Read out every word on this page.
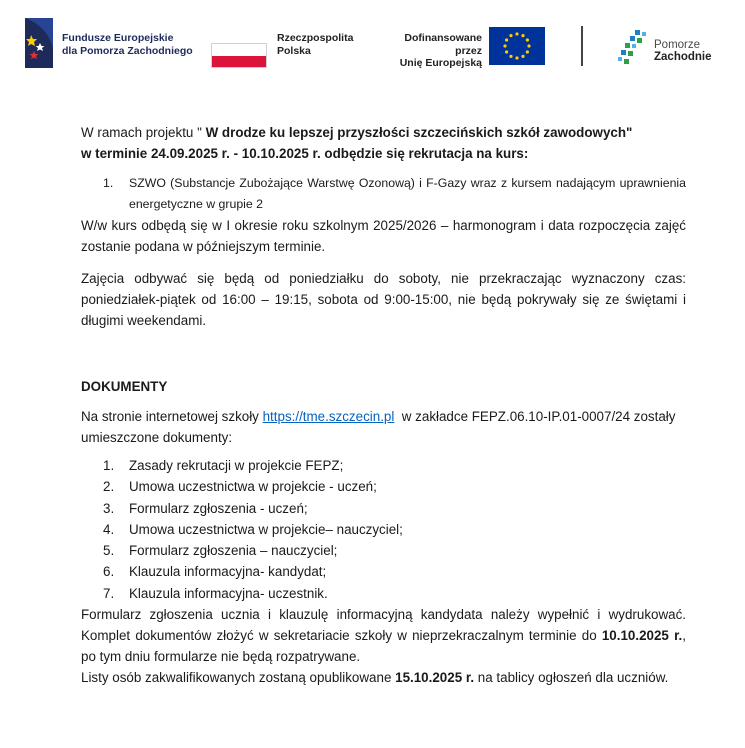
Fundusze Europejskie
dla Pomorza Zachodniego
Rzeczpospolita
Polska
Dofinansowane przez
Unię Europejską
Pomorze
Zachodnie

W ramach projektu " W drodze ku lepszej przyszłości szczecińskich szkół zawodowych"
w terminie 24.09.2025 r. - 10.10.2025 r. odbędzie się rekrutacja na kurs:

1. SZWO (Substancje Zubożające Warstwę Ozonową) i F-Gazy wraz z kursem nadającym uprawnienia energetyczne w grupie 2

W/w kurs odbędą się w I okresie roku szkolnym 2025/2026 – harmonogram i data rozpoczęcia zajęć zostanie podana w późniejszym terminie.

Zajęcia odbywać się będą od poniedziałku do soboty, nie przekraczając wyznaczony czas: poniedziałek-piątek od 16:00 – 19:15, sobota od 9:00-15:00, nie będą pokrywały się ze świętami i długimi weekendami.

DOKUMENTY

Na stronie internetowej szkoły https://tme.szczecin.pl  w zakładce FEPZ.06.10-IP.01-0007/24 zostały umieszczone dokumenty:

1. Zasady rekrutacji w projekcie FEPZ;
2. Umowa uczestnictwa w projekcie - uczeń;
3. Formularz zgłoszenia - uczeń;
4. Umowa uczestnictwa w projekcie– nauczyciel;
5. Formularz zgłoszenia – nauczyciel;
6. Klauzula informacyjna- kandydat;
7. Klauzula informacyjna- uczestnik.

Formularz zgłoszenia ucznia i klauzulę informacyjną kandydata należy wypełnić i wydrukować. Komplet dokumentów złożyć w sekretariacie szkoły w nieprzekraczalnym terminie do 10.10.2025 r., po tym dniu formularze nie będą rozpatrywane.

Listy osób zakwalifikowanych zostaną opublikowane 15.10.2025 r. na tablicy ogłoszeń dla uczniów.
